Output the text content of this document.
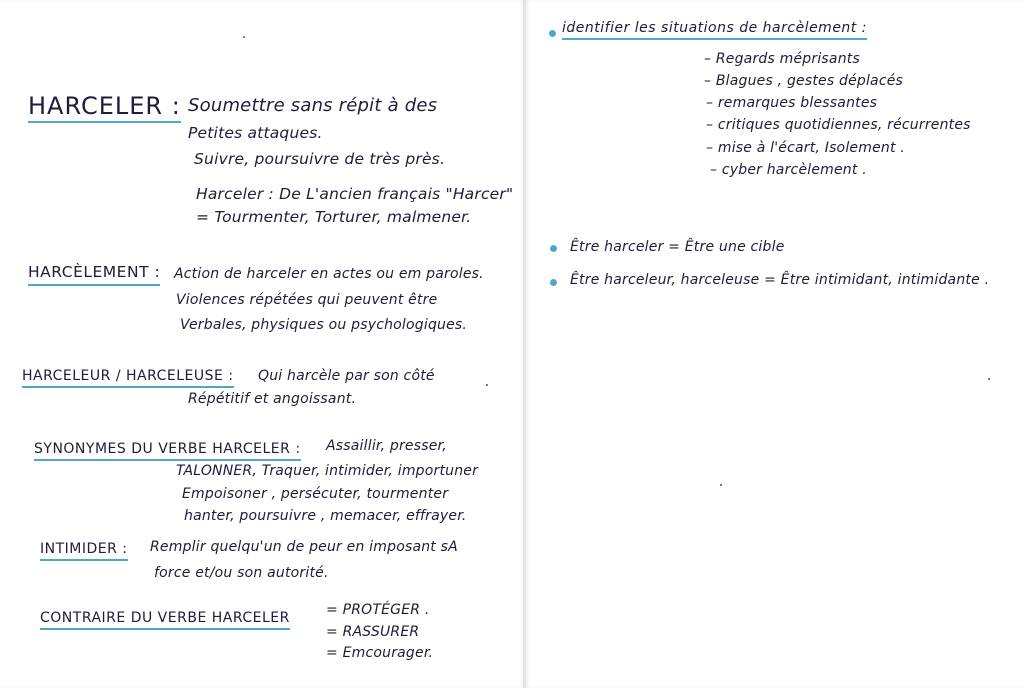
HARCELER : Soumettre sans répit à des
Petites attaques.
Suivre, poursuivre de très près.
Harceler : De L'ancien français "Harcer"
= Tourmenter, Torturer, malmener.
HARCÈLEMENT : Action de harceler en actes ou em paroles.
Violences répétées qui peuvent être
Verbales, physiques ou psychologiques.
HARCELEUR / HARCELEUSE : Qui harcèle par son côté
Répétitif et angoissant.
SYNONYMES DU VERBE HARCELER : Assaillir, presser,
TALONNER, Traquer, intimider, importuner
Empoisoner , persécuter, tourmenter
hanter, poursuivre , memacer, effrayer.
INTIMIDER : Remplir quelqu'un de peur en imposant sA
force et/ou son autorité.
CONTRAIRE DU VERBE HARCELER	= PROTÉGER .
= RASSURER
= Emcourager.
identifier les situations de harcèlement :
– Regards méprisants
– Blagues , gestes déplacés
– remarques blessantes
– critiques quotidiennes, récurrentes
– mise à l'écart, Isolement .
– cyber harcèlement .
Être harceler = Être une cible
Être harceleur, harceleuse = Être intimidant, intimidante .
